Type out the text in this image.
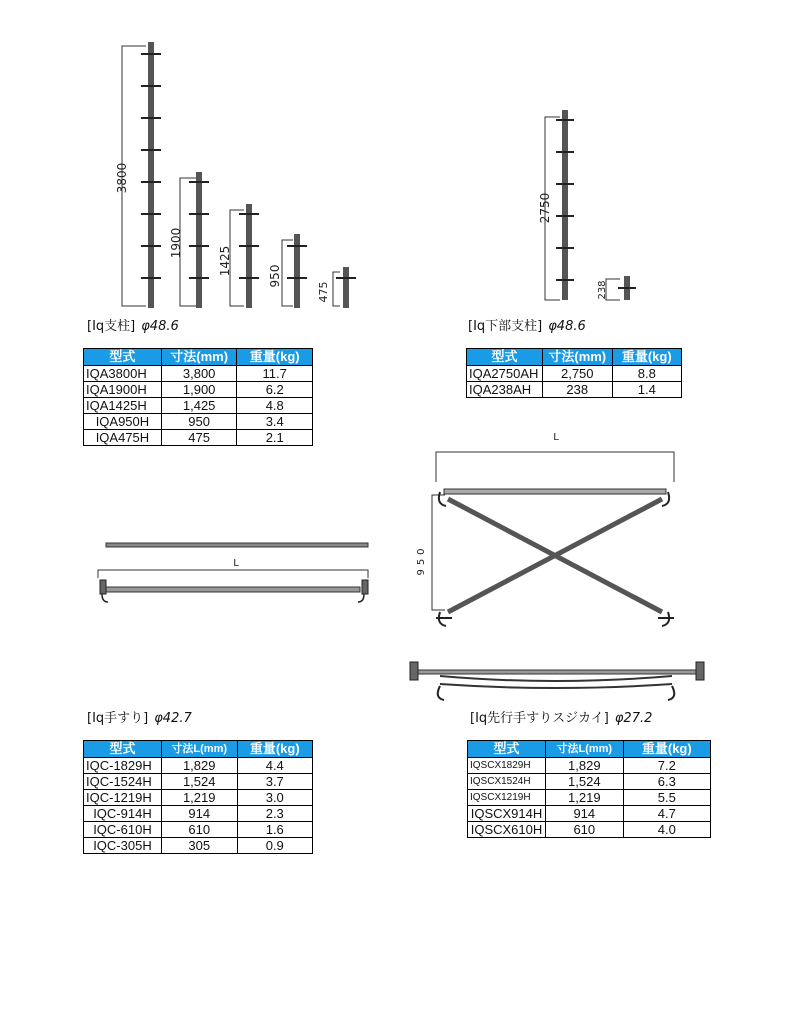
3800
1900
1425	950
475
2750
238
L
L
950
[Iq支柱] φ48.6	[Iq下部支柱] φ48.6
[Iq手すり] φ42.7	[Iq先行手すりスジカイ] φ27.2
型式	寸法(mm)	重量(kg)
IQA3800H	3,800	11.7
IQA1900H	1,900	6.2
IQA1425H	1,425	4.8
IQA950H	950	3.4
IQA475H	475	2.1
型式	寸法(mm)	重量(kg)
IQA2750AH	2,750	8.8
IQA238AH	238	1.4
型式	寸法L(mm)	重量(kg)
IQC-1829H	1,829	4.4
IQC-1524H	1,524	3.7
IQC-1219H	1,219	3.0
IQC-914H	914	2.3
IQC-610H	610	1.6
IQC-305H	305	0.9
型式	寸法L(mm)	重量(kg)
IQSCX1829H	1,829	7.2
IQSCX1524H	1,524	6.3
IQSCX1219H	1,219	5.5
IQSCX914H	914	4.7
IQSCX610H	610	4.0
